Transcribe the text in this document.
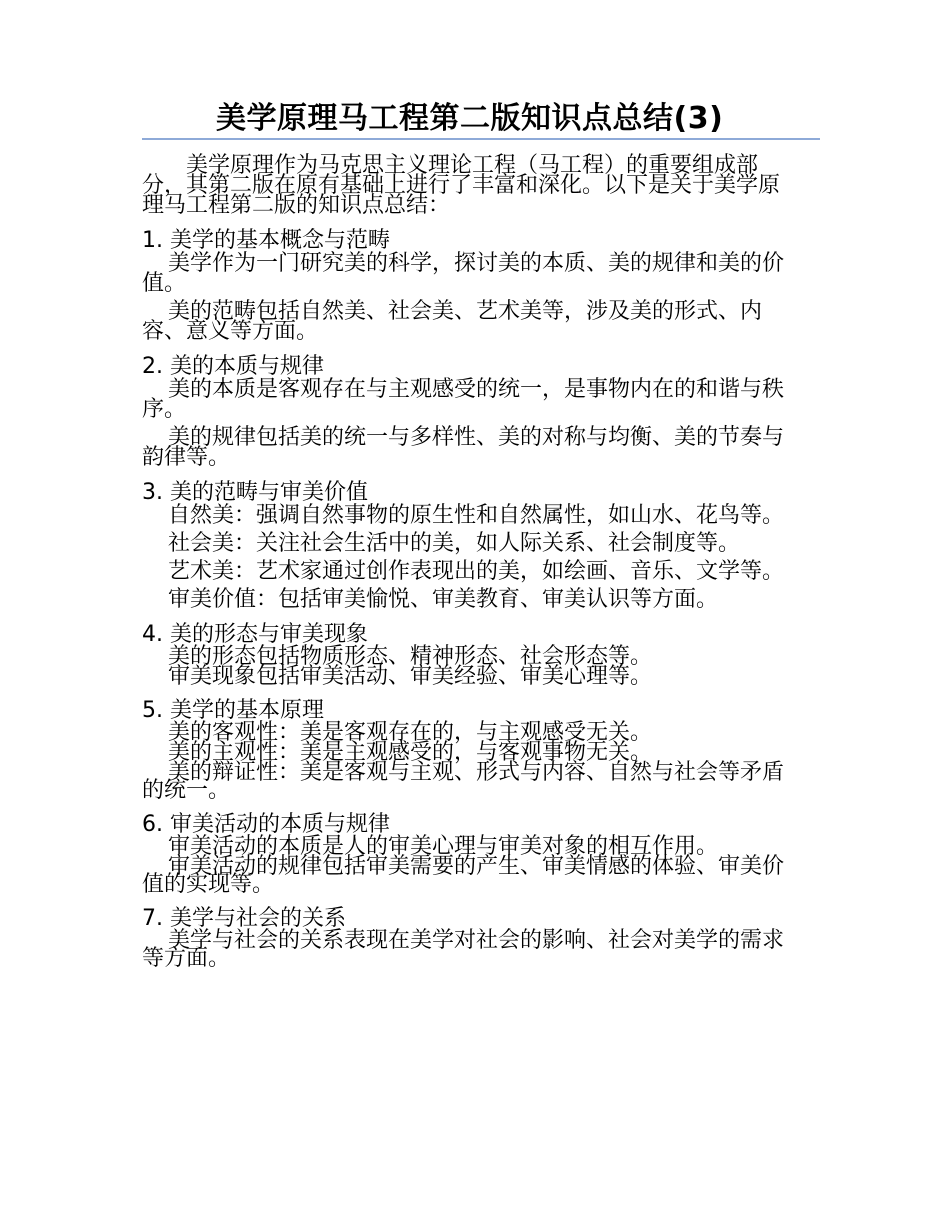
美学原理马工程第二版知识点总结(3)

美学原理作为马克思主义理论工程（马工程）的重要组成部分，其第二版在原有基础上进行了丰富和深化。以下是关于美学原理马工程第二版的知识点总结：

1. 美学的基本概念与范畴

美学作为一门研究美的科学，探讨美的本质、美的规律和美的价值。

美的范畴包括自然美、社会美、艺术美等，涉及美的形式、内容、意义等方面。

2. 美的本质与规律

美的本质是客观存在与主观感受的统一，是事物内在的和谐与秩序。

美的规律包括美的统一与多样性、美的对称与均衡、美的节奏与韵律等。

3. 美的范畴与审美价值

自然美：强调自然事物的原生性和自然属性，如山水、花鸟等。

社会美：关注社会生活中的美，如人际关系、社会制度等。

艺术美：艺术家通过创作表现出的美，如绘画、音乐、文学等。

审美价值：包括审美愉悦、审美教育、审美认识等方面。

4. 美的形态与审美现象

美的形态包括物质形态、精神形态、社会形态等。

审美现象包括审美活动、审美经验、审美心理等。

5. 美学的基本原理

美的客观性：美是客观存在的，与主观感受无关。

美的主观性：美是主观感受的，与客观事物无关。

美的辩证性：美是客观与主观、形式与内容、自然与社会等矛盾的统一。

6. 审美活动的本质与规律

审美活动的本质是人的审美心理与审美对象的相互作用。

审美活动的规律包括审美需要的产生、审美情感的体验、审美价值的实现等。

7. 美学与社会的关系

美学与社会的关系表现在美学对社会的影响、社会对美学的需求等方面。
